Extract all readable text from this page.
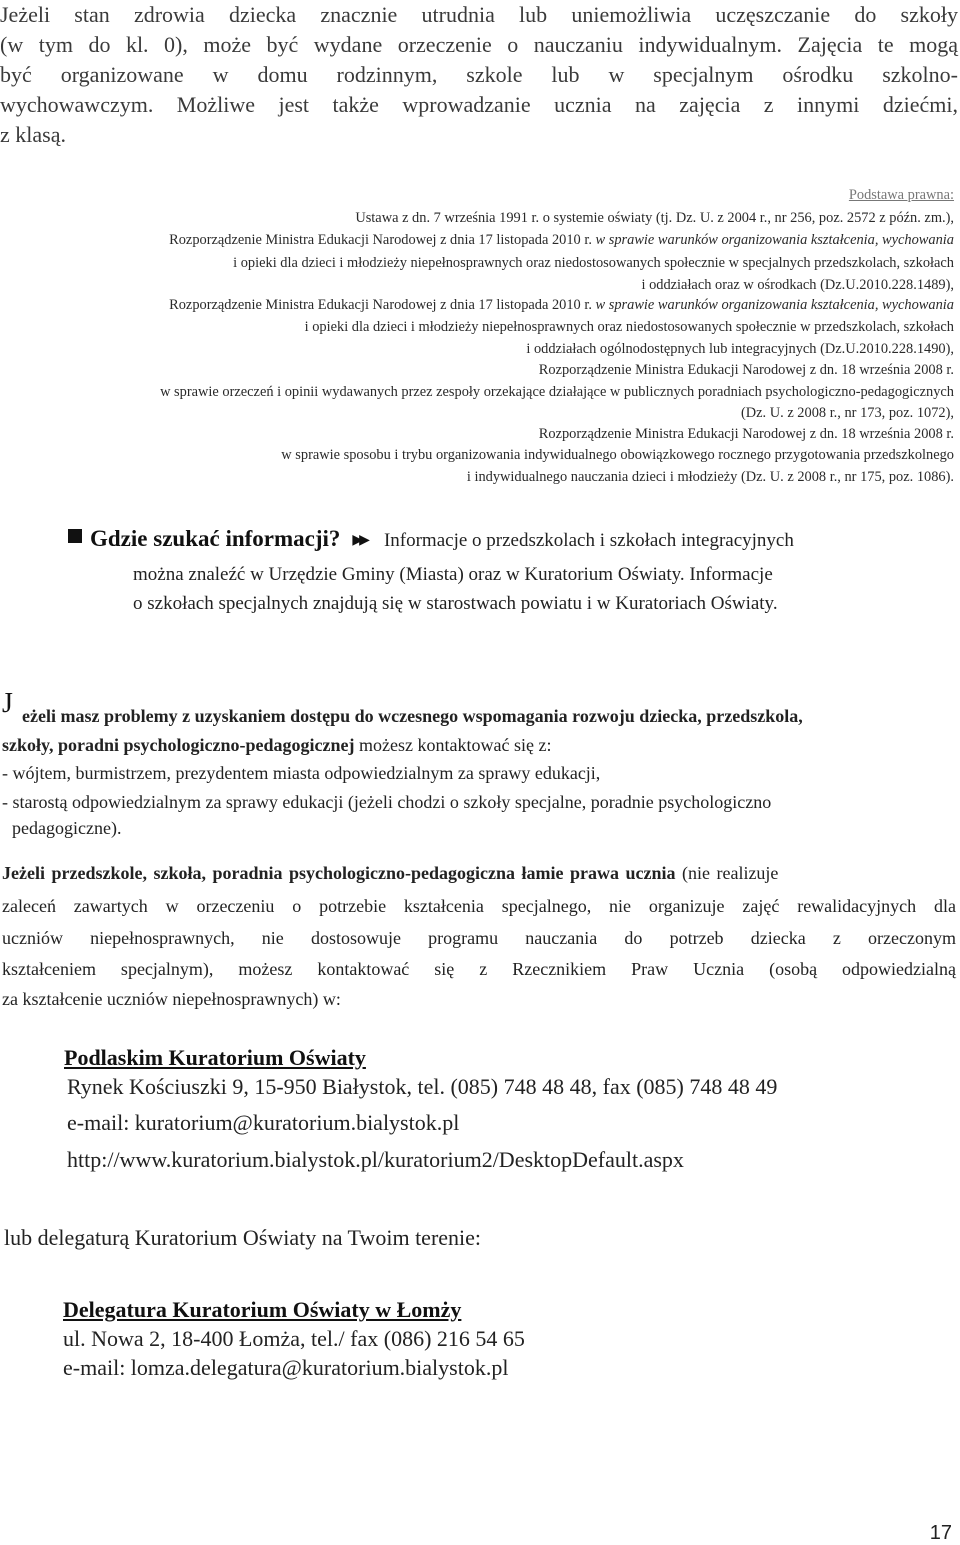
Jeżeli stan zdrowia dziecka znacznie utrudnia lub uniemożliwia uczęszczanie do szkoły
(w tym do kl. 0), może być wydane orzeczenie o nauczaniu indywidualnym. Zajęcia te mogą
być organizowane w domu rodzinnym, szkole lub w specjalnym ośrodku szkolno-
wychowawczym. Możliwe jest także wprowadzanie ucznia na zajęcia z innymi dziećmi,
z klasą.
Podstawa prawna:
Ustawa z dn. 7 września 1991 r. o systemie oświaty (tj. Dz. U. z 2004 r., nr 256, poz. 2572 z późn. zm.),
Rozporządzenie Ministra Edukacji Narodowej z dnia 17 listopada 2010 r. w sprawie warunków organizowania kształcenia, wychowania
i opieki dla dzieci i młodzieży niepełnosprawnych oraz niedostosowanych społecznie w specjalnych przedszkolach, szkołach
i oddziałach oraz w ośrodkach (Dz.U.2010.228.1489),
Rozporządzenie Ministra Edukacji Narodowej z dnia 17 listopada 2010 r. w sprawie warunków organizowania kształcenia, wychowania
i opieki dla dzieci i młodzieży niepełnosprawnych oraz niedostosowanych społecznie w przedszkolach, szkołach
i oddziałach ogólnodostępnych lub integracyjnych (Dz.U.2010.228.1490),
Rozporządzenie Ministra Edukacji Narodowej z dn. 18 września 2008 r.
w sprawie orzeczeń i opinii wydawanych przez zespoły orzekające działające w publicznych poradniach psychologiczno-pedagogicznych
(Dz. U. z 2008 r., nr 173, poz. 1072),
Rozporządzenie Ministra Edukacji Narodowej z dn. 18 września 2008 r.
w sprawie sposobu i trybu organizowania indywidualnego obowiązkowego rocznego przygotowania przedszkolnego
i indywidualnego nauczania dzieci i młodzieży (Dz. U. z 2008 r., nr 175, poz. 1086).
Gdzie szukać informacji? ▶▶ Informacje o przedszkolach i szkołach integracyjnych
można znaleźć w Urzędzie Gminy (Miasta) oraz w Kuratorium Oświaty. Informacje
o szkołach specjalnych znajdują się w starostwach powiatu i w Kuratoriach Oświaty.
J eżeli masz problemy z uzyskaniem dostępu do wczesnego wspomagania rozwoju dziecka, przedszkola,
szkoły, poradni psychologiczno-pedagogicznej możesz kontaktować się z:
- wójtem, burmistrzem, prezydentem miasta odpowiedzialnym za sprawy edukacji,
- starostą odpowiedzialnym za sprawy edukacji (jeżeli chodzi o szkoły specjalne, poradnie psychologiczno
pedagogiczne).
Jeżeli przedszkole, szkoła, poradnia psychologiczno-pedagogiczna łamie prawa ucznia (nie realizuje
zaleceń zawartych w orzeczeniu o potrzebie kształcenia specjalnego, nie organizuje zajęć rewalidacyjnych dla
uczniów niepełnosprawnych, nie dostosowuje programu nauczania do potrzeb dziecka z orzeczonym
kształceniem specjalnym), możesz kontaktować się z Rzecznikiem Praw Ucznia (osobą odpowiedzialną
za kształcenie uczniów niepełnosprawnych) w:
Podlaskim Kuratorium Oświaty
Rynek Kościuszki 9, 15-950 Białystok, tel. (085) 748 48 48, fax (085) 748 48 49
e-mail: kuratorium@kuratorium.bialystok.pl
http://www.kuratorium.bialystok.pl/kuratorium2/DesktopDefault.aspx
lub delegaturą Kuratorium Oświaty na Twoim terenie:
Delegatura Kuratorium Oświaty w Łomży
ul. Nowa 2, 18-400 Łomża, tel./ fax (086) 216 54 65
e-mail: lomza.delegatura@kuratorium.bialystok.pl
17
